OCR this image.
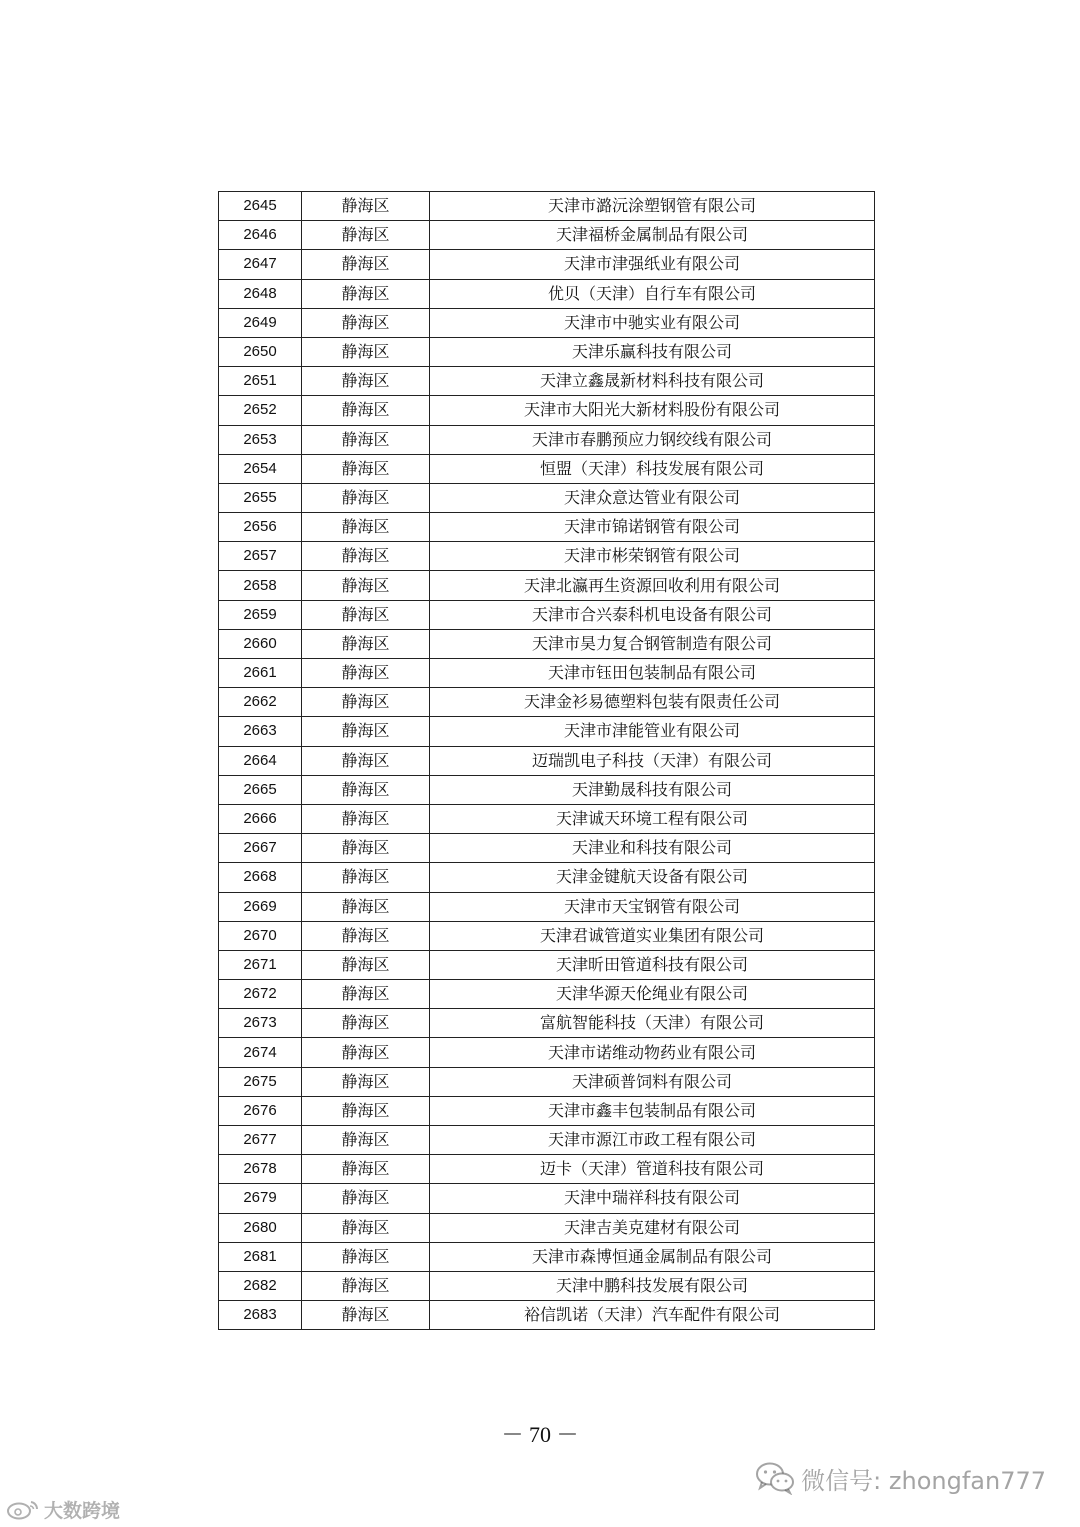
2645	静海区	天津市潞沅涂塑钢管有限公司
2646	静海区	天津福桥金属制品有限公司
2647	静海区	天津市津强纸业有限公司
2648	静海区	优贝（天津）自行车有限公司
2649	静海区	天津市中驰实业有限公司
2650	静海区	天津乐赢科技有限公司
2651	静海区	天津立鑫晟新材料科技有限公司
2652	静海区	天津市大阳光大新材料股份有限公司
2653	静海区	天津市春鹏预应力钢绞线有限公司
2654	静海区	恒盟（天津）科技发展有限公司
2655	静海区	天津众意达管业有限公司
2656	静海区	天津市锦诺钢管有限公司
2657	静海区	天津市彬荣钢管有限公司
2658	静海区	天津北瀛再生资源回收利用有限公司
2659	静海区	天津市合兴泰科机电设备有限公司
2660	静海区	天津市昊力复合钢管制造有限公司
2661	静海区	天津市钰田包装制品有限公司
2662	静海区	天津金衫易德塑料包装有限责任公司
2663	静海区	天津市津能管业有限公司
2664	静海区	迈瑞凯电子科技（天津）有限公司
2665	静海区	天津勤晟科技有限公司
2666	静海区	天津诚天环境工程有限公司
2667	静海区	天津业和科技有限公司
2668	静海区	天津金键航天设备有限公司
2669	静海区	天津市天宝钢管有限公司
2670	静海区	天津君诚管道实业集团有限公司
2671	静海区	天津昕田管道科技有限公司
2672	静海区	天津华源天伦绳业有限公司
2673	静海区	富航智能科技（天津）有限公司
2674	静海区	天津市诺维动物药业有限公司
2675	静海区	天津硕普饲料有限公司
2676	静海区	天津市鑫丰包装制品有限公司
2677	静海区	天津市源江市政工程有限公司
2678	静海区	迈卡（天津）管道科技有限公司
2679	静海区	天津中瑞祥科技有限公司
2680	静海区	天津吉美克建材有限公司
2681	静海区	天津市森博恒通金属制品有限公司
2682	静海区	天津中鹏科技发展有限公司
2683	静海区	裕信凯诺（天津）汽车配件有限公司
－ 70 －
微信号: zhongfan777
大数跨境
